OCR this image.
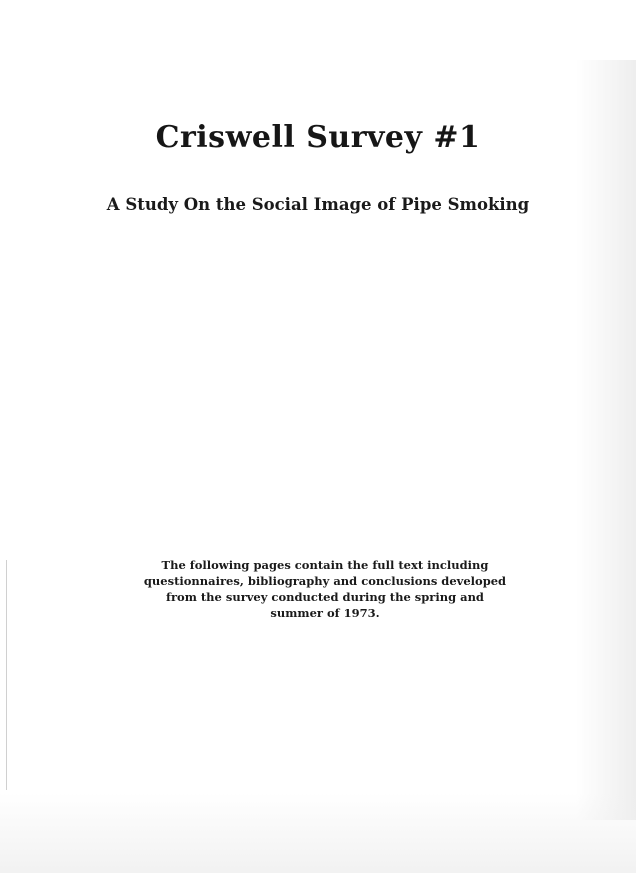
Criswell Survey #1
A Study On the Social Image of Pipe Smoking

The following pages contain the full text including
questionnaires, bibliography and conclusions developed
from the survey conducted during the spring and
summer of 1973.
